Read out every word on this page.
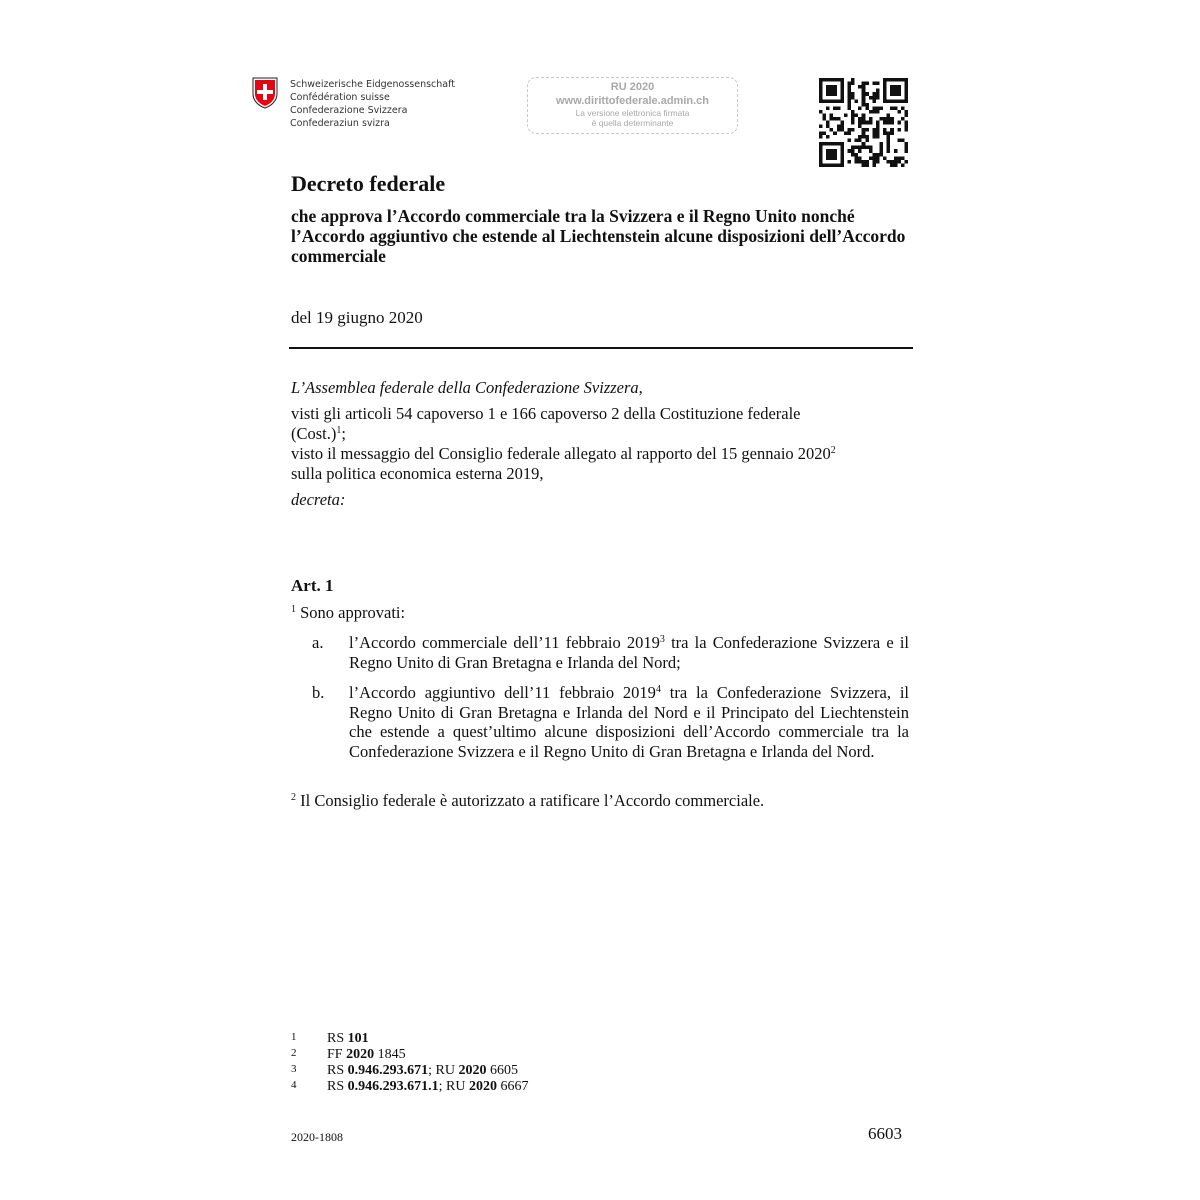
Schweizerische Eidgenossenschaft
Confédération suisse
Confederazione Svizzera
Confederaziun svizra
RU 2020
www.dirittofederale.admin.ch
La versione elettronica firmata
è quella determinante
Decreto federale
che approva l’Accordo commerciale tra la Svizzera e il Regno Unito nonché l’Accordo aggiuntivo che estende al Liechtenstein alcune disposizioni dell’Accordo commerciale
del 19 giugno 2020
L’Assemblea federale della Confederazione Svizzera,
visti gli articoli 54 capoverso 1 e 166 capoverso 2 della Costituzione federale
(Cost.)$^1$;
visto il messaggio del Consiglio federale allegato al rapporto del 15 gennaio 2020$^2$
sulla politica economica esterna 2019,
decreta:
Art. 1
$^1$ Sono approvati:
a.	l’Accordo commerciale dell’11 febbraio 2019$^3$ tra la Confederazione Svizzera e il Regno Unito di Gran Bretagna e Irlanda del Nord;
b.	l’Accordo aggiuntivo dell’11 febbraio 2019$^4$ tra la Confederazione Svizzera, il Regno Unito di Gran Bretagna e Irlanda del Nord e il Principato del Liechtenstein che estende a quest’ultimo alcune disposizioni dell’Accordo commerciale tra la Confederazione Svizzera e il Regno Unito di Gran Bretagna e Irlanda del Nord.
$^2$ Il Consiglio federale è autorizzato a ratificare l’Accordo commerciale.
1	RS 101
2	FF 2020 1845
3	RS 0.946.293.671; RU 2020 6605
4	RS 0.946.293.671.1; RU 2020 6667
2020-1808	6603
